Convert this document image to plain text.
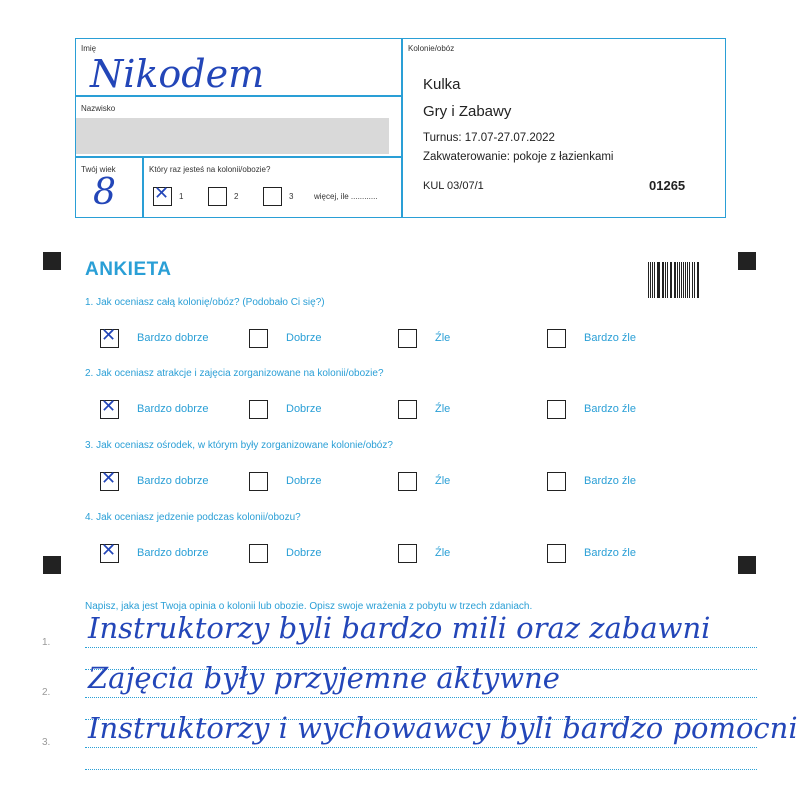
Imię
Nikodem
Nazwisko
Twój wiek
8
Który raz jesteś na kolonii/obozie?
✕ 1	2	3	więcej, ile ............
Kolonie/obóz
Kulka
Gry i Zabawy
Turnus: 17.07-27.07.2022
Zakwaterowanie: pokoje z łazienkami
KUL 03/07/1	01265
ANKIETA
1. Jak oceniasz całą kolonię/obóz? (Podobało Ci się?)
✕ Bardzo dobrze	Dobrze	Źle	Bardzo źle
2. Jak oceniasz atrakcje i zajęcia zorganizowane na kolonii/obozie?
✕ Bardzo dobrze	Dobrze	Źle	Bardzo źle
3. Jak oceniasz ośrodek, w którym były zorganizowane kolonie/obóz?
✕ Bardzo dobrze	Dobrze	Źle	Bardzo źle
4. Jak oceniasz jedzenie podczas kolonii/obozu?
✕ Bardzo dobrze	Dobrze	Źle	Bardzo źle
Napisz, jaka jest Twoja opinia o kolonii lub obozie. Opisz swoje wrażenia z pobytu w trzech zdaniach.
1. Instruktorzy byli bardzo mili oraz zabawni
2. Zajęcia były przyjemne aktywne
3. Instruktorzy i wychowawcy byli bardzo pomocni
